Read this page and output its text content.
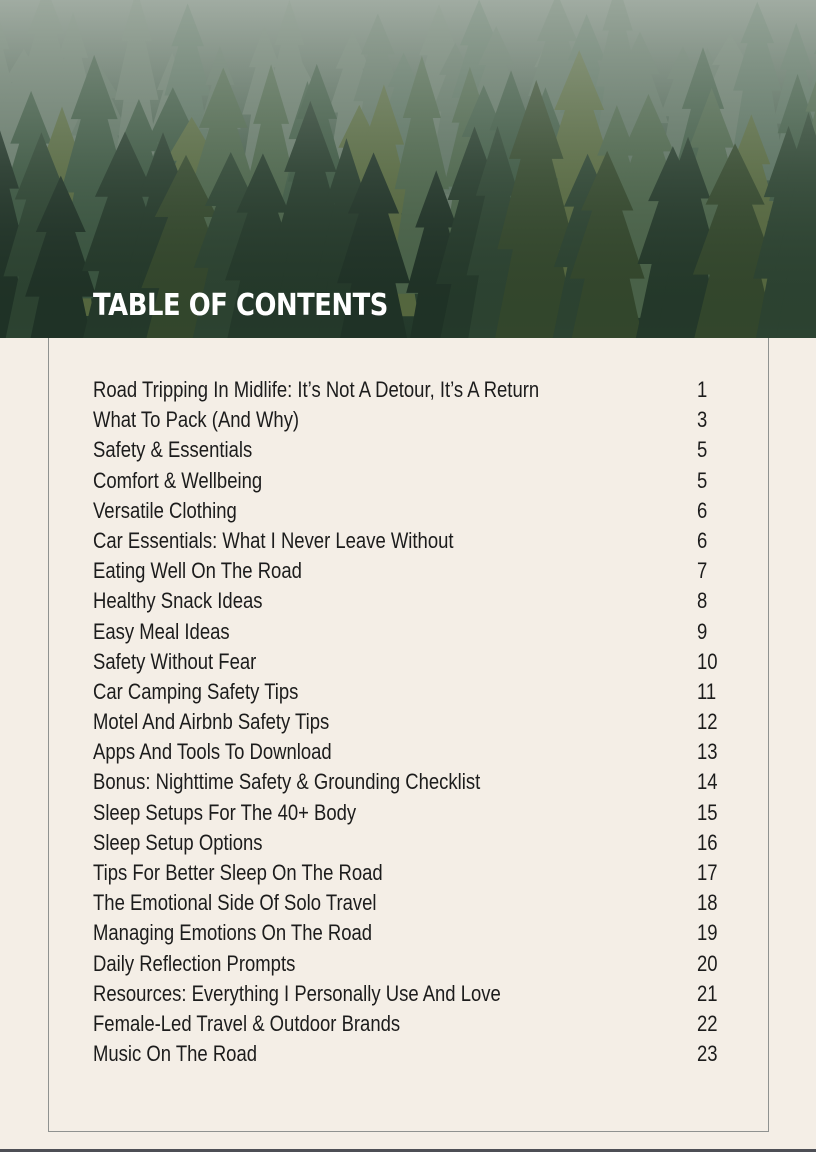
TABLE OF CONTENTS
Road Tripping In Midlife: It’s Not A Detour, It’s A Return	1
What To Pack (And Why)	3
Safety & Essentials	5
Comfort & Wellbeing	5
Versatile Clothing	6
Car Essentials: What I Never Leave Without	6
Eating Well On The Road	7
Healthy Snack Ideas	8
Easy Meal Ideas	9
Safety Without Fear	10
Car Camping Safety Tips	11
Motel And Airbnb Safety Tips	12
Apps And Tools To Download	13
Bonus: Nighttime Safety & Grounding Checklist	14
Sleep Setups For The 40+ Body	15
Sleep Setup Options	16
Tips For Better Sleep On The Road	17
The Emotional Side Of Solo Travel	18
Managing Emotions On The Road	19
Daily Reflection Prompts	20
Resources: Everything I Personally Use And Love	21
Female-Led Travel & Outdoor Brands	22
Music On The Road	23
